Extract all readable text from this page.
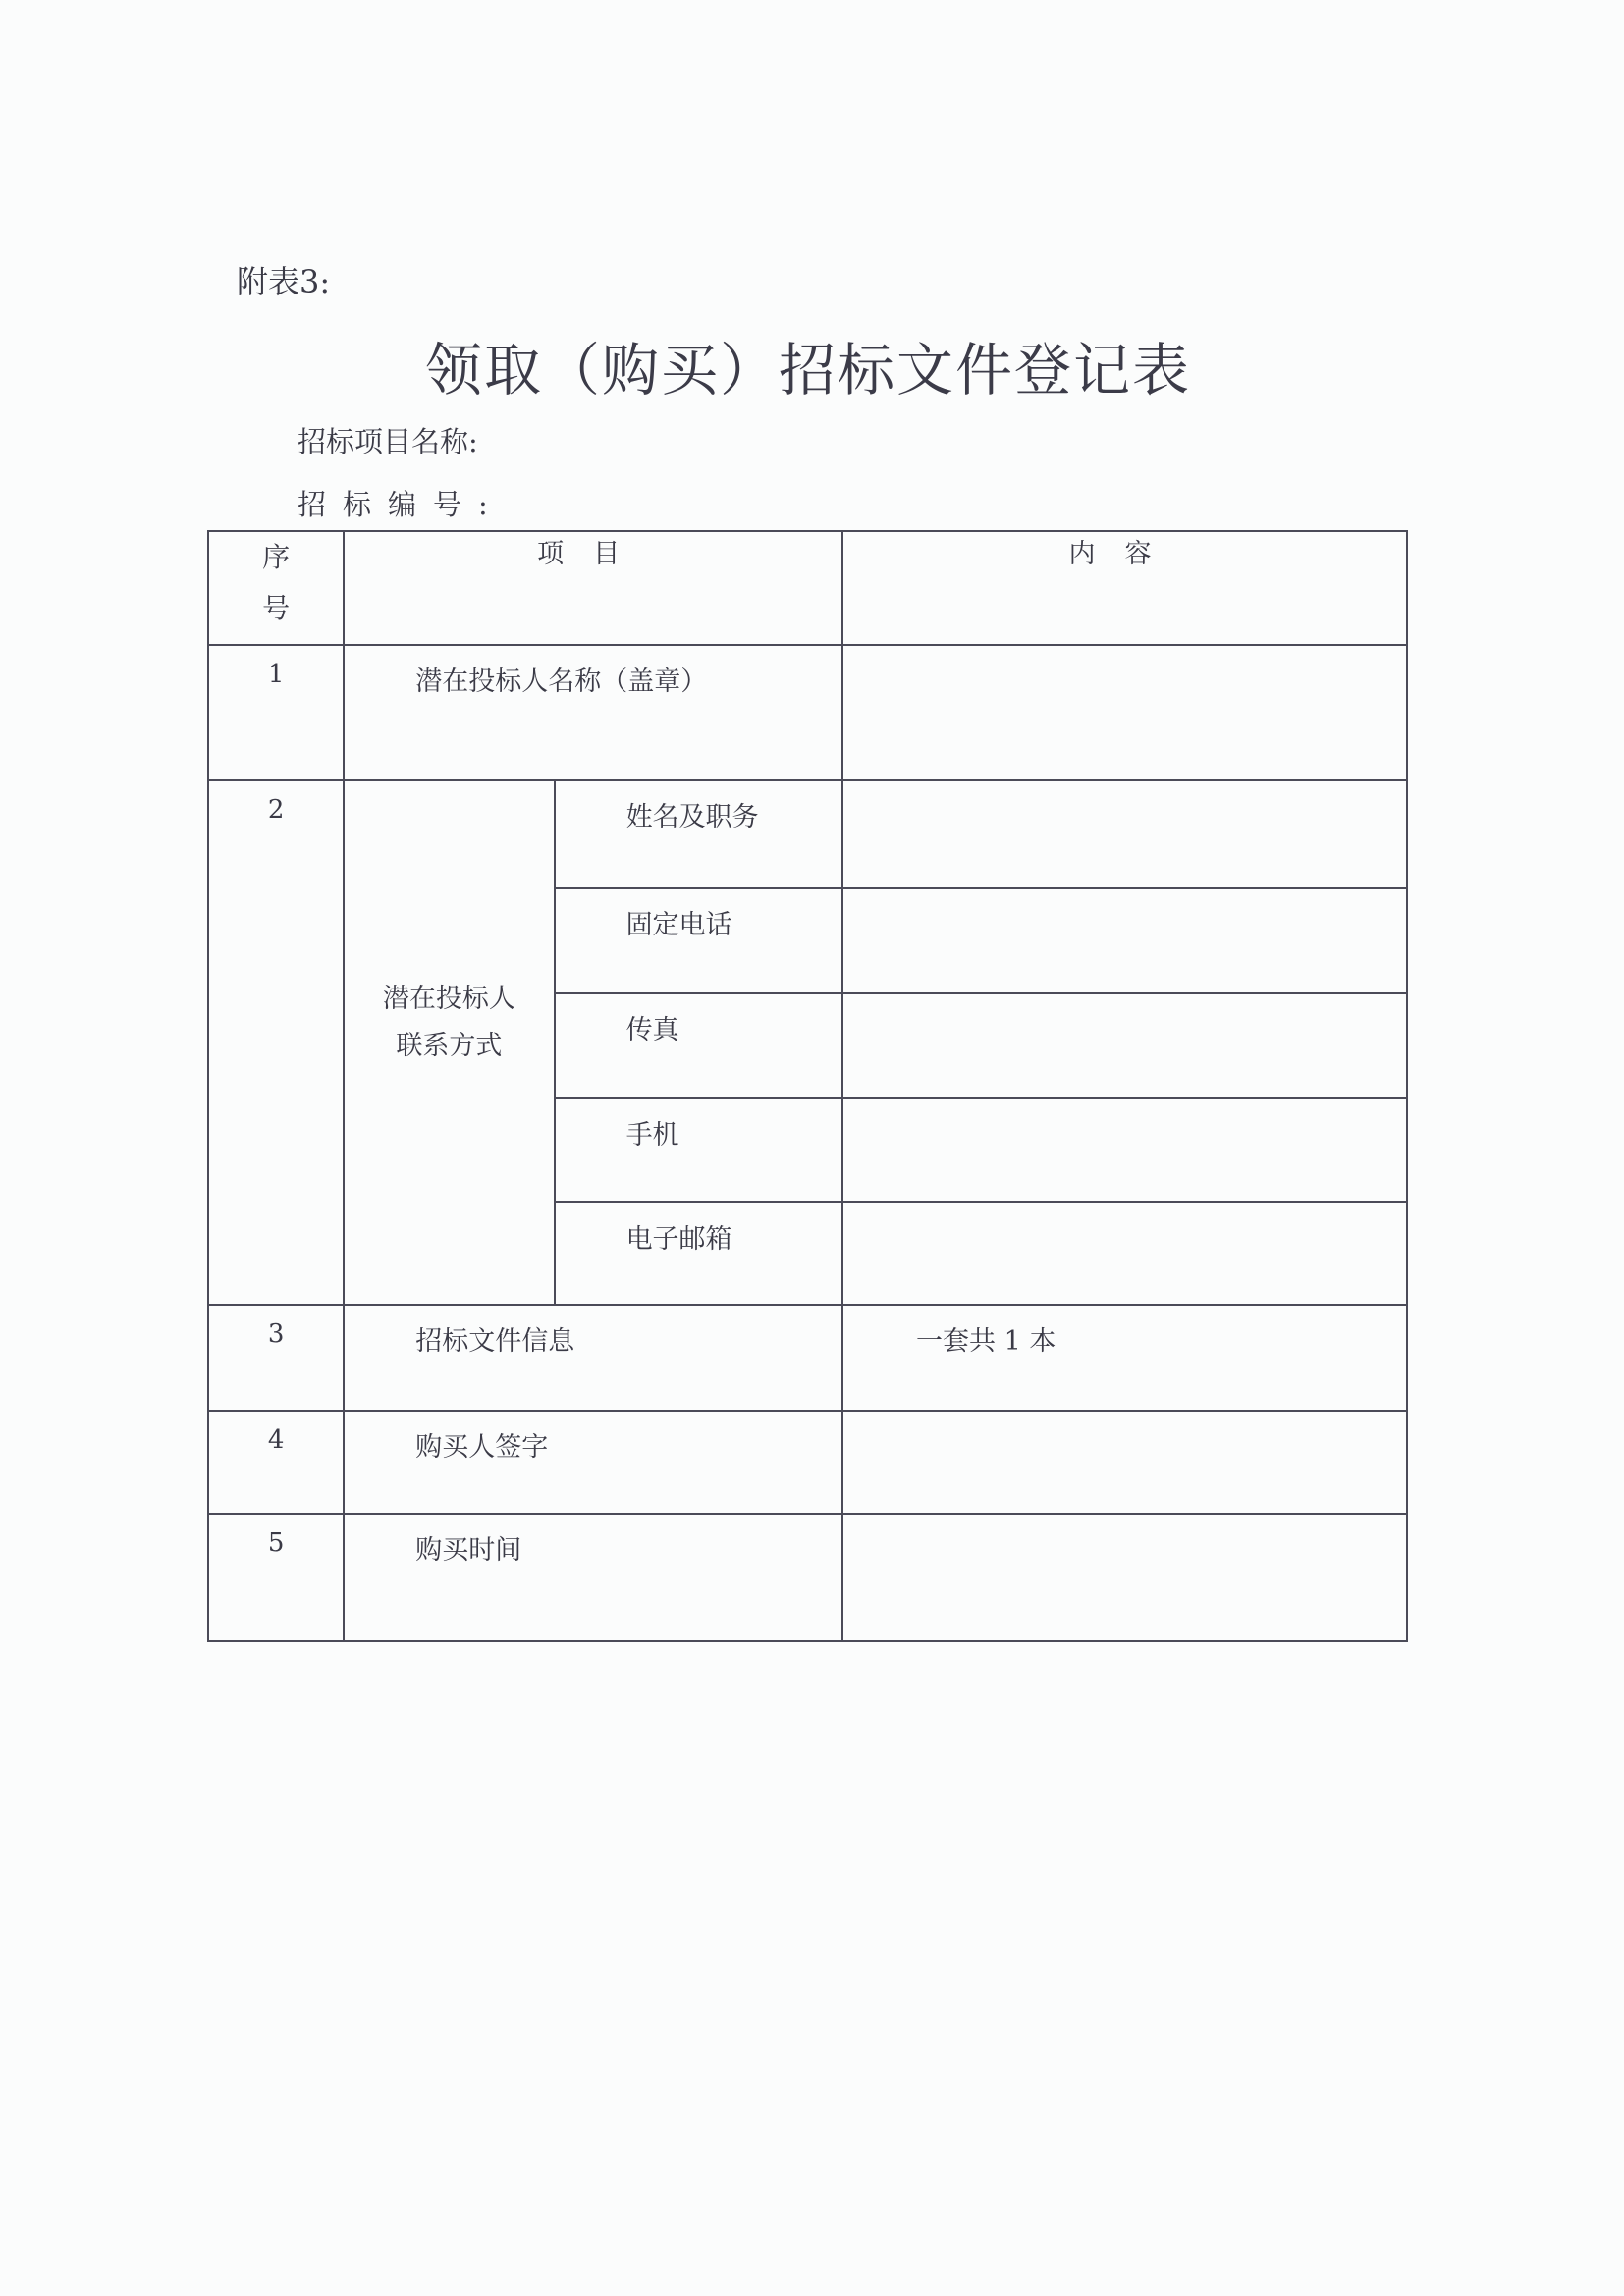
附表3:
领取（购买）招标文件登记表
招标项目名称:
招标编号:
序
号	项目		内容
1	潜在投标人名称（盖章）		
2	潜在投标人
联系方式	姓名及职务	
		固定电话	
		传真	
		手机	
		电子邮箱	
3	招标文件信息		一套共 1 本
4	购买人签字		
5	购买时间		
